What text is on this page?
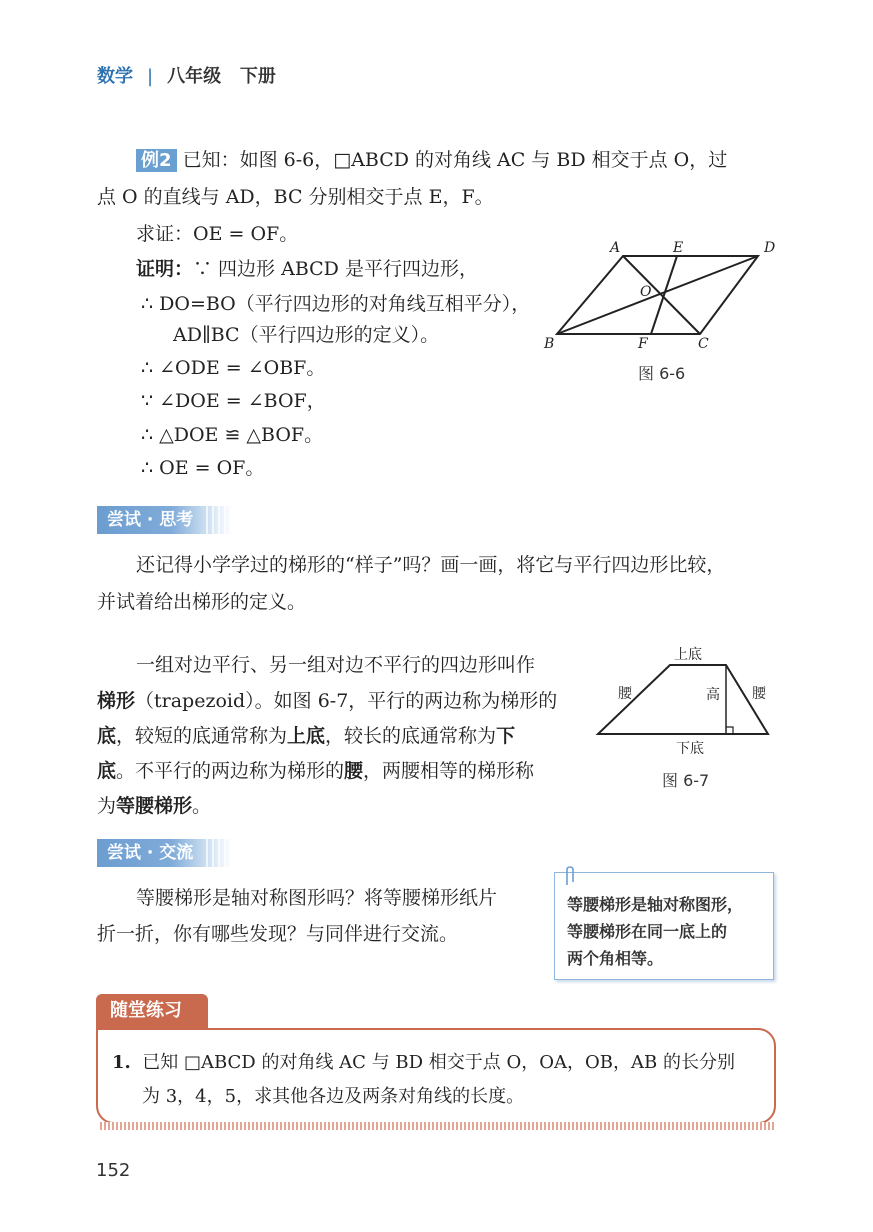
数学 | 八年级 下册
例2 已知：如图 6-6，□ABCD 的对角线 AC 与 BD 相交于点 O，过
点 O 的直线与 AD，BC 分别相交于点 E，F。
求证：OE = OF。
证明：∵ 四边形 ABCD 是平行四边形，
∴ DO=BO（平行四边形的对角线互相平分），
AD∥BC（平行四边形的定义）。
∴ ∠ODE = ∠OBF。
∵ ∠DOE = ∠BOF，
∴ △DOE ≌ △BOF。
∴ OE = OF。
A	E	D
O
B	F	C
图 6-6
尝试 · 思考
还记得小学学过的梯形的“样子”吗？画一画，将它与平行四边形比较，
并试着给出梯形的定义。
一组对边平行、另一组对边不平行的四边形叫作
梯形（trapezoid）。如图 6-7，平行的两边称为梯形的
底，较短的底通常称为上底，较长的底通常称为下
底。不平行的两边称为梯形的腰，两腰相等的梯形称
为等腰梯形。
上底
下底
腰	腰
高
图 6-7
尝试 · 交流
等腰梯形是轴对称图形吗？将等腰梯形纸片
折一折，你有哪些发现？与同伴进行交流。
等腰梯形是轴对称图形，
等腰梯形在同一底上的
两个角相等。
随堂练习
1. 已知 □ABCD 的对角线 AC 与 BD 相交于点 O，OA，OB，AB 的长分别
为 3，4，5，求其他各边及两条对角线的长度。
152
